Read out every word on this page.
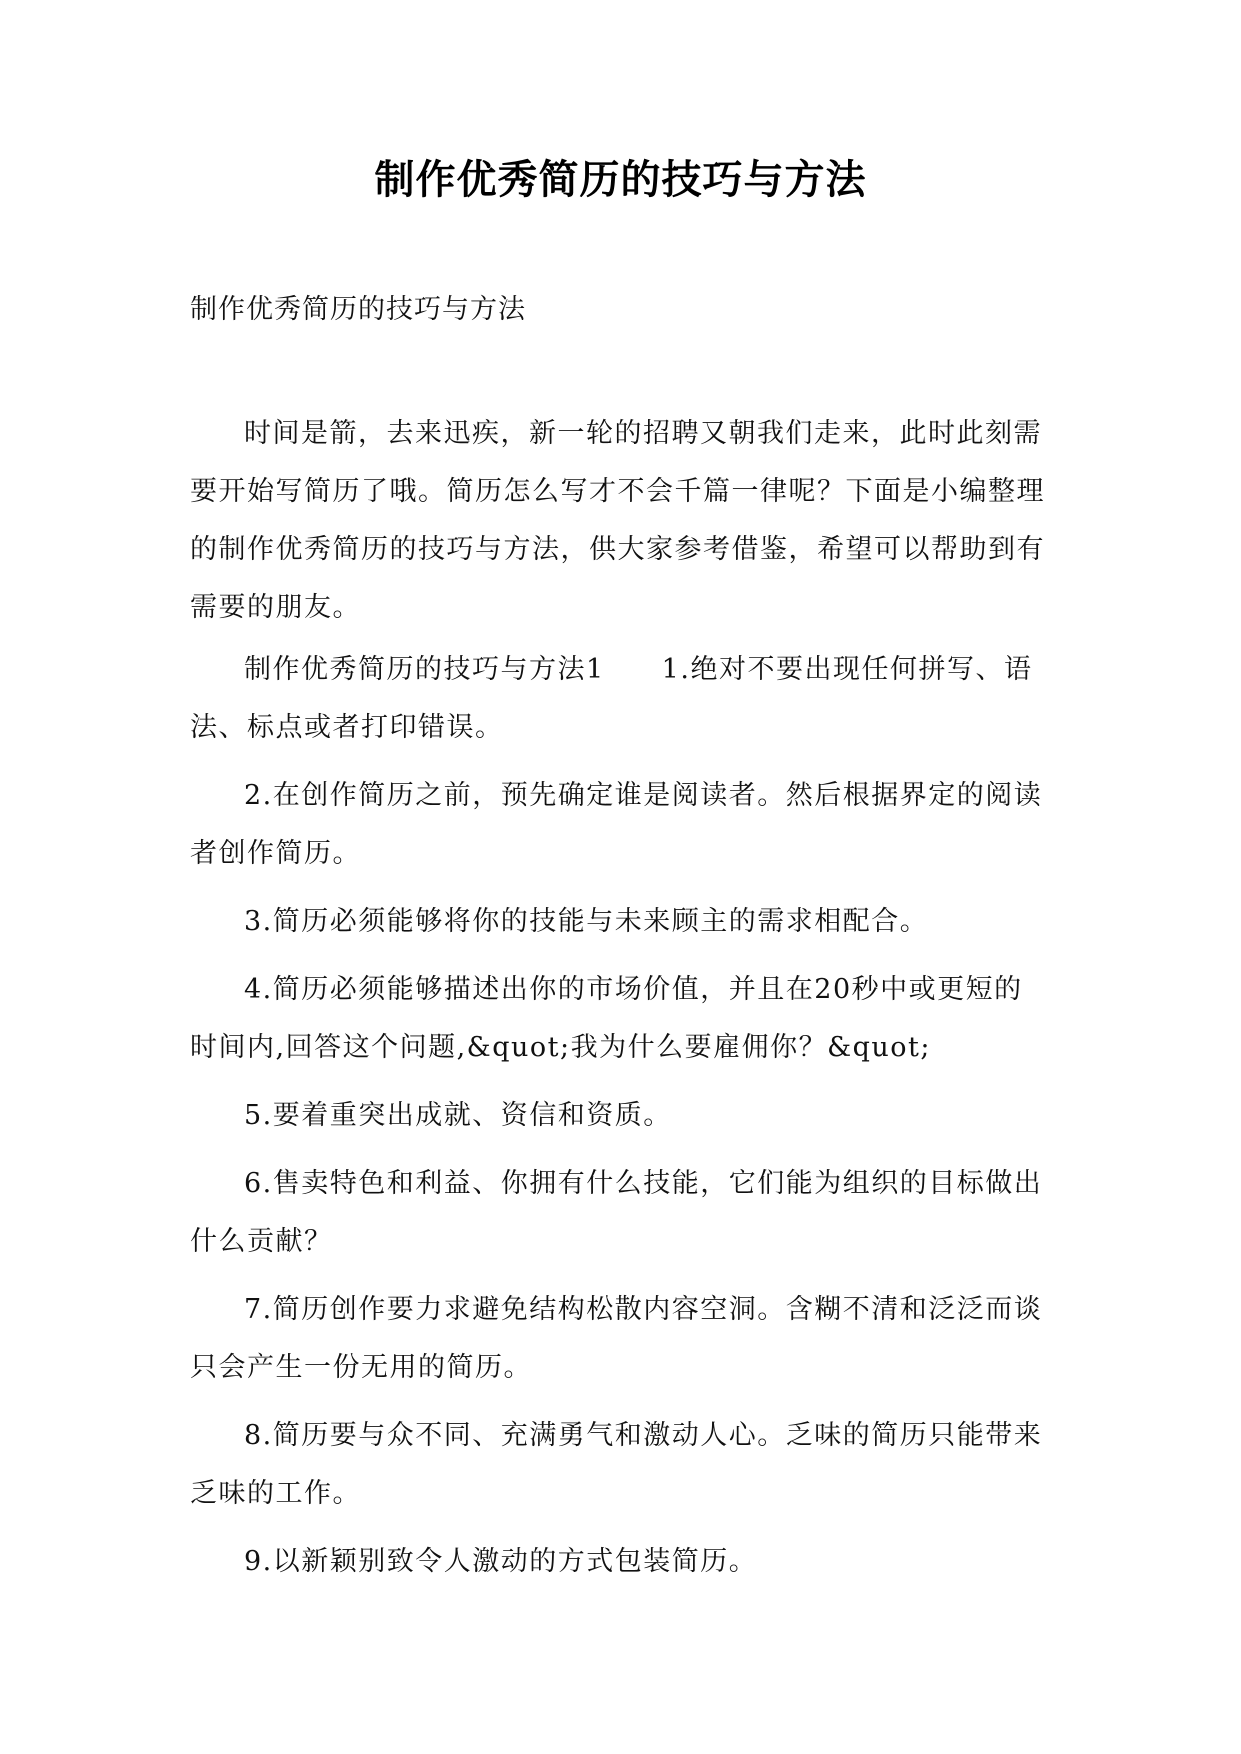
制作优秀简历的技巧与方法
制作优秀简历的技巧与方法

时间是箭，去来迅疾，新一轮的招聘又朝我们走来，此时此刻需要开始写简历了哦。简历怎么写才不会千篇一律呢？下面是小编整理的制作优秀简历的技巧与方法，供大家参考借鉴，希望可以帮助到有需要的朋友。

制作优秀简历的技巧与方法1　　1.绝对不要出现任何拼写、语法、标点或者打印错误。

2.在创作简历之前，预先确定谁是阅读者。然后根据界定的阅读者创作简历。

3.简历必须能够将你的技能与未来顾主的需求相配合。

4.简历必须能够描述出你的市场价值，并且在20秒中或更短的时间内,回答这个问题,&quot;我为什么要雇佣你？&quot;

5.要着重突出成就、资信和资质。

6.售卖特色和利益、你拥有什么技能，它们能为组织的目标做出什么贡献？

7.简历创作要力求避免结构松散内容空洞。含糊不清和泛泛而谈只会产生一份无用的简历。

8.简历要与众不同、充满勇气和激动人心。乏味的简历只能带来乏味的工作。

9.以新颖别致令人激动的方式包装简历。
